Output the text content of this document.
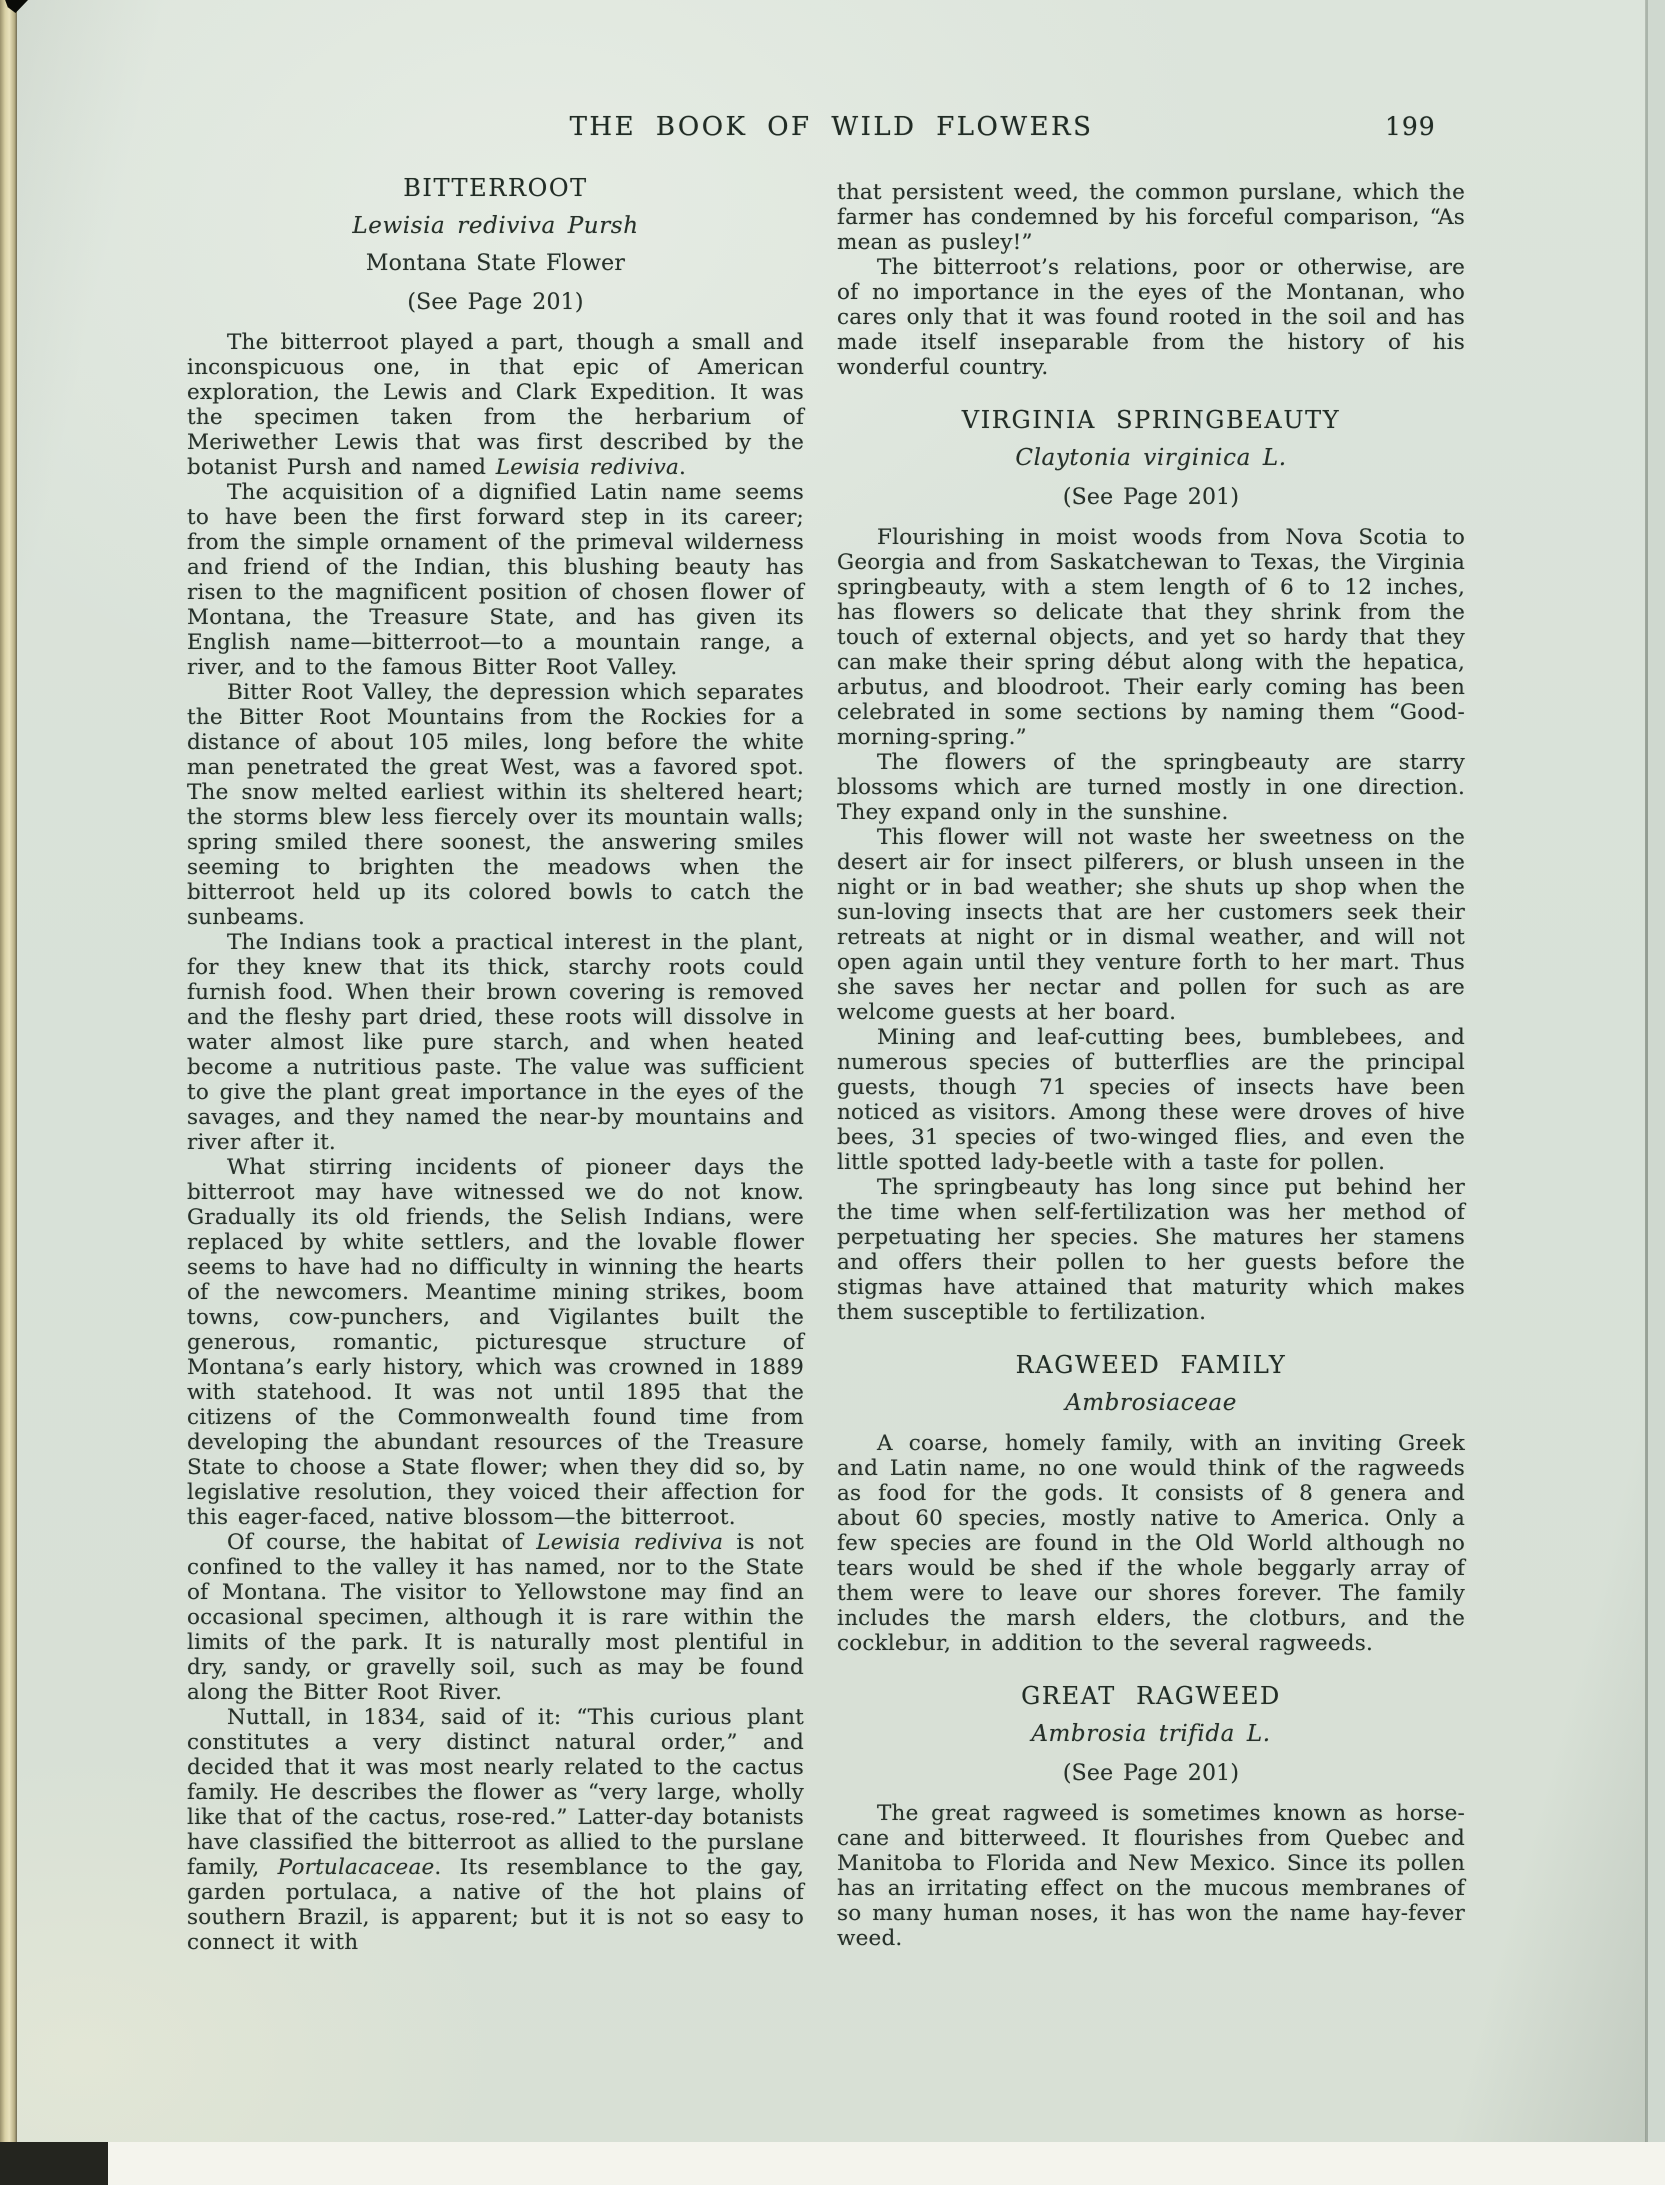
THE BOOK OF WILD FLOWERS	199
BITTERROOT
Lewisia rediviva Pursh
Montana State Flower
(See Page 201)

The bitterroot played a part, though a small and inconspicuous one, in that epic of American exploration, the Lewis and Clark Expedition. It was the specimen taken from the herbarium of Meriwether Lewis that was first described by the botanist Pursh and named Lewisia rediviva.

The acquisition of a dignified Latin name seems to have been the first forward step in its career; from the simple ornament of the primeval wilderness and friend of the Indian, this blushing beauty has risen to the magnificent position of chosen flower of Montana, the Treasure State, and has given its English name—bitterroot—to a mountain range, a river, and to the famous Bitter Root Valley.

Bitter Root Valley, the depression which separates the Bitter Root Mountains from the Rockies for a distance of about 105 miles, long before the white man penetrated the great West, was a favored spot. The snow melted earliest within its sheltered heart; the storms blew less fiercely over its mountain walls; spring smiled there soonest, the answering smiles seeming to brighten the meadows when the bitterroot held up its colored bowls to catch the sunbeams.

The Indians took a practical interest in the plant, for they knew that its thick, starchy roots could furnish food. When their brown covering is removed and the fleshy part dried, these roots will dissolve in water almost like pure starch, and when heated become a nutritious paste. The value was sufficient to give the plant great importance in the eyes of the savages, and they named the near-by mountains and river after it.

What stirring incidents of pioneer days the bitterroot may have witnessed we do not know. Gradually its old friends, the Selish Indians, were replaced by white settlers, and the lovable flower seems to have had no difficulty in winning the hearts of the newcomers. Meantime mining strikes, boom towns, cow-punchers, and Vigilantes built the generous, romantic, picturesque structure of Montana’s early history, which was crowned in 1889 with statehood. It was not until 1895 that the citizens of the Commonwealth found time from developing the abundant resources of the Treasure State to choose a State flower; when they did so, by legislative resolution, they voiced their affection for this eager-faced, native blossom—the bitterroot.

Of course, the habitat of Lewisia rediviva is not confined to the valley it has named, nor to the State of Montana. The visitor to Yellowstone may find an occasional specimen, although it is rare within the limits of the park. It is naturally most plentiful in dry, sandy, or gravelly soil, such as may be found along the Bitter Root River.

Nuttall, in 1834, said of it: “This curious plant constitutes a very distinct natural order,” and decided that it was most nearly related to the cactus family. He describes the flower as “very large, wholly like that of the cactus, rose-red.” Latter-day botanists have classified the bitterroot as allied to the purslane family, Portulacaceae. Its resemblance to the gay, garden portulaca, a native of the hot plains of southern Brazil, is apparent; but it is not so easy to connect it with

that persistent weed, the common purslane, which the farmer has condemned by his forceful comparison, “As mean as pusley!”

The bitterroot’s relations, poor or otherwise, are of no importance in the eyes of the Montanan, who cares only that it was found rooted in the soil and has made itself inseparable from the history of his wonderful country.

VIRGINIA SPRINGBEAUTY
Claytonia virginica L.
(See Page 201)

Flourishing in moist woods from Nova Scotia to Georgia and from Saskatchewan to Texas, the Virginia springbeauty, with a stem length of 6 to 12 inches, has flowers so delicate that they shrink from the touch of external objects, and yet so hardy that they can make their spring début along with the hepatica, arbutus, and bloodroot. Their early coming has been celebrated in some sections by naming them “Good-morning-spring.”

The flowers of the springbeauty are starry blossoms which are turned mostly in one direction. They expand only in the sunshine.

This flower will not waste her sweetness on the desert air for insect pilferers, or blush unseen in the night or in bad weather; she shuts up shop when the sun-loving insects that are her customers seek their retreats at night or in dismal weather, and will not open again until they venture forth to her mart. Thus she saves her nectar and pollen for such as are welcome guests at her board.

Mining and leaf-cutting bees, bumblebees, and numerous species of butterflies are the principal guests, though 71 species of insects have been noticed as visitors. Among these were droves of hive bees, 31 species of two-winged flies, and even the little spotted lady-beetle with a taste for pollen.

The springbeauty has long since put behind her the time when self-fertilization was her method of perpetuating her species. She matures her stamens and offers their pollen to her guests before the stigmas have attained that maturity which makes them susceptible to fertilization.

RAGWEED FAMILY
Ambrosiaceae

A coarse, homely family, with an inviting Greek and Latin name, no one would think of the ragweeds as food for the gods. It consists of 8 genera and about 60 species, mostly native to America. Only a few species are found in the Old World although no tears would be shed if the whole beggarly array of them were to leave our shores forever. The family includes the marsh elders, the clotburs, and the cocklebur, in addition to the several ragweeds.

GREAT RAGWEED
Ambrosia trifida L.
(See Page 201)

The great ragweed is sometimes known as horse-cane and bitterweed. It flourishes from Quebec and Manitoba to Florida and New Mexico. Since its pollen has an irritating effect on the mucous membranes of so many human noses, it has won the name hay-fever weed.
